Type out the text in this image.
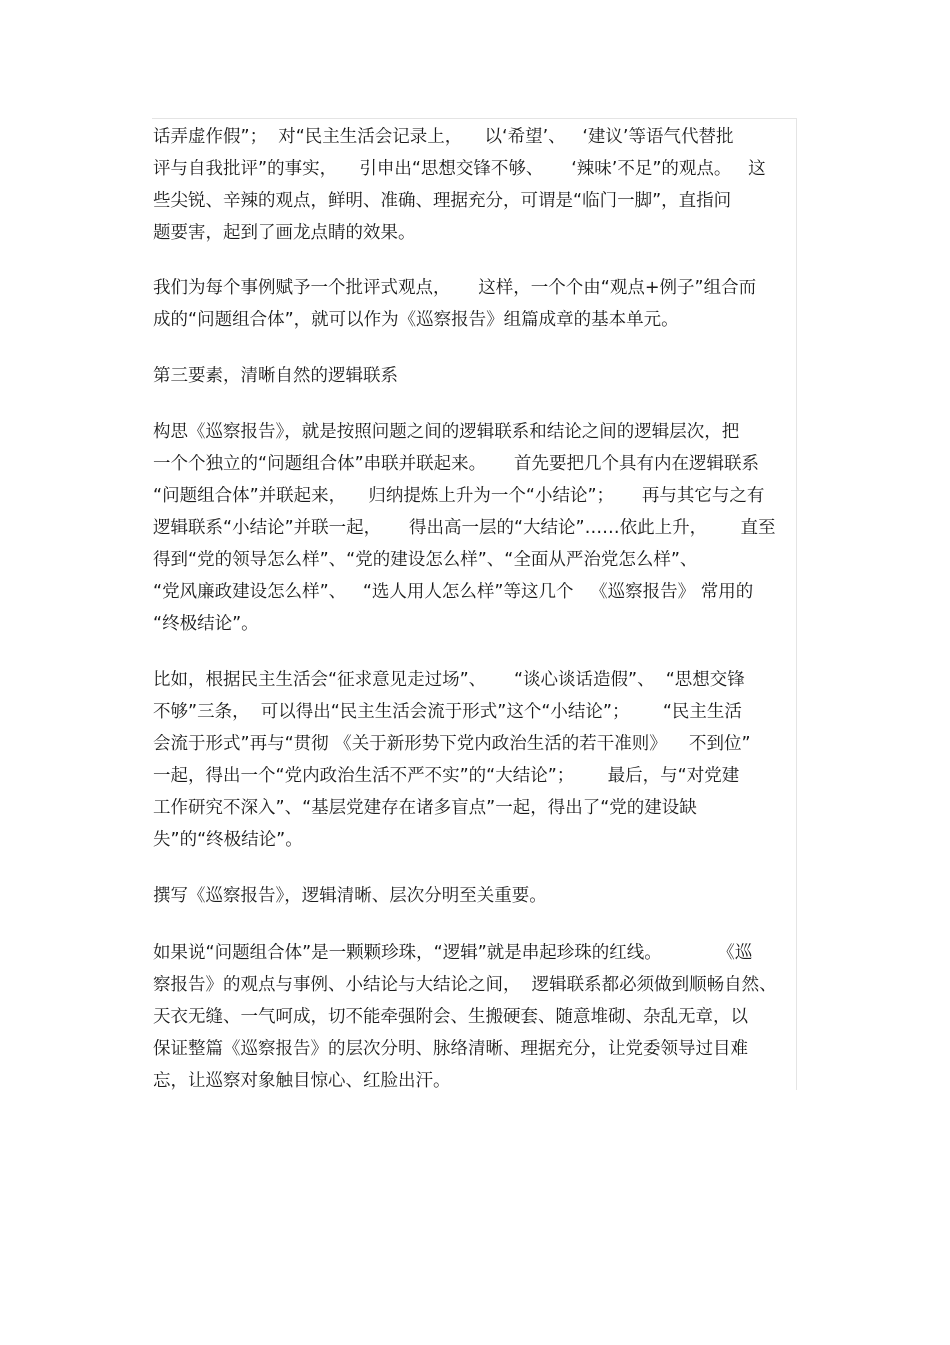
话弄虚作假”；  对“民主生活会记录上，    以‘希望’、   ‘建议’等语气代替批
评与自我批评”的事实，    引申出“思想交锋不够、     ‘辣味’不足”的观点。   这
些尖锐、辛辣的观点，鲜明、准确、理据充分，可谓是“临门一脚”，直指问
题要害，起到了画龙点睛的效果。
我们为每个事例赋予一个批评式观点，     这样，一个个由“观点+例子”组合而
成的“问题组合体”，就可以作为《巡察报告》组篇成章的基本单元。
第三要素，清晰自然的逻辑联系
构思《巡察报告》，就是按照问题之间的逻辑联系和结论之间的逻辑层次，把
一个个独立的“问题组合体”串联并联起来。     首先要把几个具有内在逻辑联系
“问题组合体”并联起来，    归纳提炼上升为一个“小结论”；     再与其它与之有
逻辑联系“小结论”并联一起，     得出高一层的“大结论”……依此上升，      直至
得到“党的领导怎么样”、“党的建设怎么样”、“全面从严治党怎么样”、
“党风廉政建设怎么样”、   “选人用人怎么样”等这几个   《巡察报告》 常用的
“终极结论”。
比如，根据民主生活会“征求意见走过场”、     “谈心谈话造假”、  “思想交锋
不够”三条，  可以得出“民主生活会流于形式”这个“小结论”；      “民主生活
会流于形式”再与“贯彻 《关于新形势下党内政治生活的若干准则》    不到位”
一起，得出一个“党内政治生活不严不实”的“大结论”；      最后，与“对党建
工作研究不深入”、“基层党建存在诸多盲点”一起，得出了“党的建设缺
失”的“终极结论”。
撰写《巡察报告》，逻辑清晰、层次分明至关重要。
如果说“问题组合体”是一颗颗珍珠，“逻辑”就是串起珍珠的红线。          《巡
察报告》的观点与事例、小结论与大结论之间，  逻辑联系都必须做到顺畅自然、
天衣无缝、一气呵成，切不能牵强附会、生搬硬套、随意堆砌、杂乱无章，以
保证整篇《巡察报告》的层次分明、脉络清晰、理据充分，让党委领导过目难
忘，让巡察对象触目惊心、红脸出汗。
